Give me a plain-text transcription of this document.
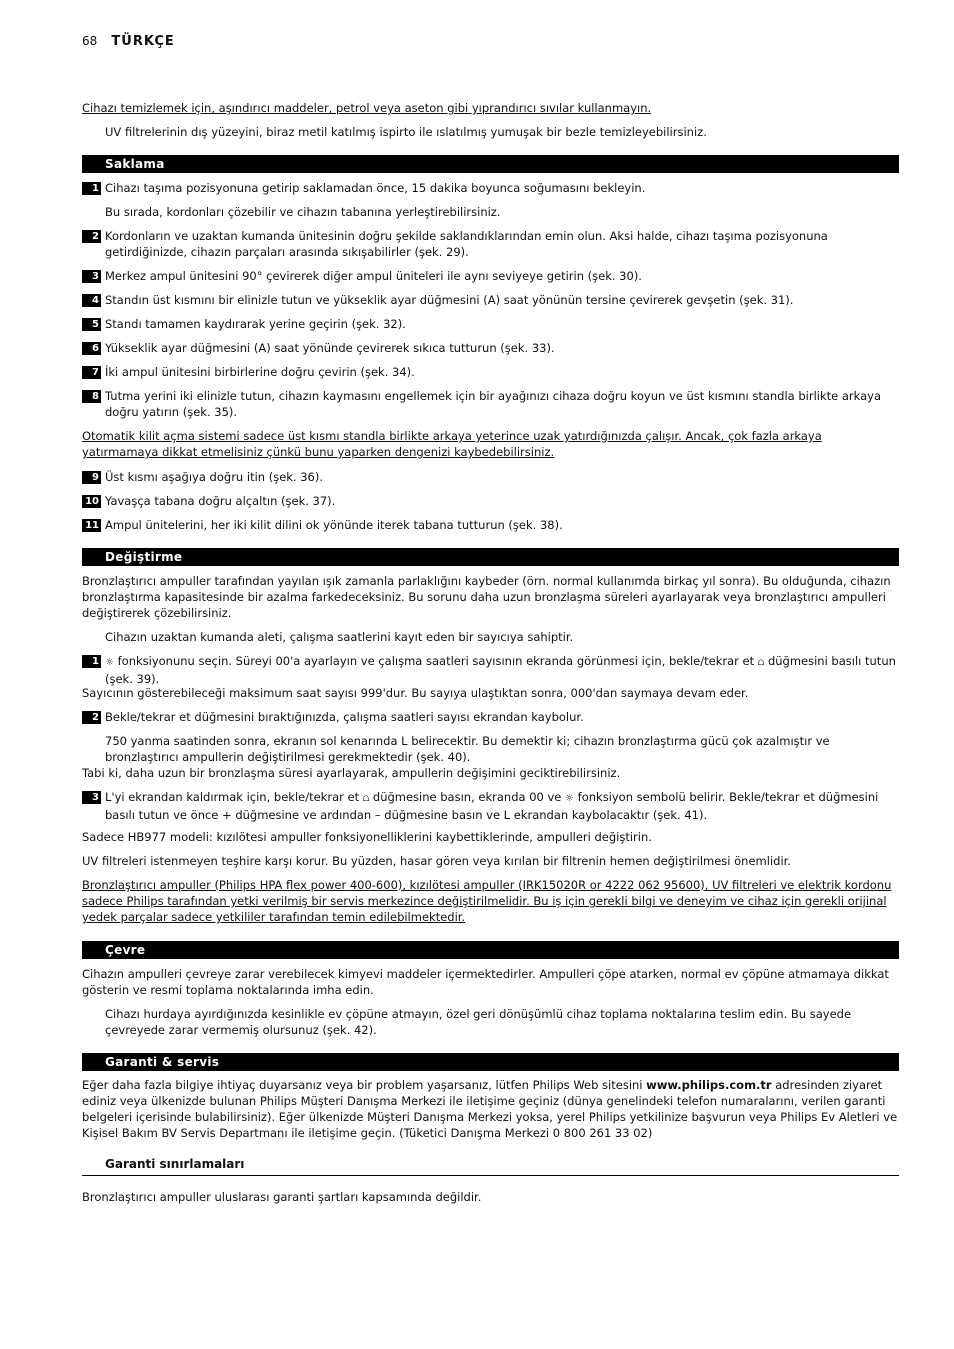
68 TÜRKÇE
Cihazı temizlemek için, aşındırıcı maddeler, petrol veya aseton gibi yıprandırıcı sıvılar kullanmayın.
UV filtrelerinin dış yüzeyini, biraz metil katılmış ispirto ile ıslatılmış yumuşak bir bezle temizleyebilirsiniz.
Saklama
1 Cihazı taşıma pozisyonuna getirip saklamadan önce, 15 dakika boyunca soğumasını bekleyin.
Bu sırada, kordonları çözebilir ve cihazın tabanına yerleştirebilirsiniz.
2 Kordonların ve uzaktan kumanda ünitesinin doğru şekilde saklandıklarından emin olun. Aksi halde, cihazı taşıma pozisyonuna getirdiğinizde, cihazın parçaları arasında sıkışabilirler (şek. 29).
3 Merkez ampul ünitesini 90° çevirerek diğer ampul üniteleri ile aynı seviyeye getirin (şek. 30).
4 Standın üst kısmını bir elinizle tutun ve yükseklik ayar düğmesini (A) saat yönünün tersine çevirerek gevşetin (şek. 31).
5 Standı tamamen kaydırarak yerine geçirin (şek. 32).
6 Yükseklik ayar düğmesini (A) saat yönünde çevirerek sıkıca tutturun (şek. 33).
7 İki ampul ünitesini birbirlerine doğru çevirin (şek. 34).
8 Tutma yerini iki elinizle tutun, cihazın kaymasını engellemek için bir ayağınızı cihaza doğru koyun ve üst kısmını standla birlikte arkaya doğru yatırın (şek. 35).
Otomatik kilit açma sistemi sadece üst kısmı standla birlikte arkaya yeterince uzak yatırdığınızda çalışır. Ancak, çok fazla arkaya yatırmamaya dikkat etmelisiniz çünkü bunu yaparken dengenizi kaybedebilirsiniz.
9 Üst kısmı aşağıya doğru itin (şek. 36).
10 Yavaşça tabana doğru alçaltın (şek. 37).
11 Ampul ünitelerini, her iki kilit dilini ok yönünde iterek tabana tutturun (şek. 38).
Değiştirme
Bronzlaştırıcı ampuller tarafından yayılan ışık zamanla parlaklığını kaybeder (örn. normal kullanımda birkaç yıl sonra). Bu olduğunda, cihazın bronzlaştırma kapasitesinde bir azalma farkedeceksiniz. Bu sorunu daha uzun bronzlaşma süreleri ayarlayarak veya bronzlaştırıcı ampulleri değiştirerek çözebilirsiniz.
Cihazın uzaktan kumanda aleti, çalışma saatlerini kayıt eden bir sayıcıya sahiptir.
1 ☼ fonksiyonunu seçin. Süreyi 00'a ayarlayın ve çalışma saatleri sayısının ekranda görünmesi için, bekle/tekrar et ⩍ düğmesini basılı tutun (şek. 39).
Sayıcının gösterebileceği maksimum saat sayısı 999'dur. Bu sayıya ulaştıktan sonra, 000'dan saymaya devam eder.
2 Bekle/tekrar et düğmesini bıraktığınızda, çalışma saatleri sayısı ekrandan kaybolur.
750 yanma saatinden sonra, ekranın sol kenarında L belirecektir. Bu demektir ki; cihazın bronzlaştırma gücü çok azalmıştır ve bronzlaştırıcı ampullerin değiştirilmesi gerekmektedir (şek. 40).
Tabi ki, daha uzun bir bronzlaşma süresi ayarlayarak, ampullerin değişimini geciktirebilirsiniz.
3 L'yi ekrandan kaldırmak için, bekle/tekrar et ⩍ düğmesine basın, ekranda 00 ve ☼ fonksiyon sembolü belirir. Bekle/tekrar et düğmesini basılı tutun ve önce + düğmesine ve ardından – düğmesine basın ve L ekrandan kaybolacaktır (şek. 41).
Sadece HB977 modeli: kızılötesi ampuller fonksiyonelliklerini kaybettiklerinde, ampulleri değiştirin.
UV filtreleri istenmeyen teşhire karşı korur. Bu yüzden, hasar gören veya kırılan bir filtrenin hemen değiştirilmesi önemlidir.
Bronzlaştırıcı ampuller (Philips HPA flex power 400-600), kızılötesi ampuller (IRK15020R or 4222 062 95600), UV filtreleri ve elektrik kordonu sadece Philips tarafından yetki verilmiş bir servis merkezince değiştirilmelidir. Bu iş için gerekli bilgi ve deneyim ve cihaz için gerekli orijinal yedek parçalar sadece yetkililer tarafından temin edilebilmektedir.
Çevre
Cihazın ampulleri çevreye zarar verebilecek kimyevi maddeler içermektedirler. Ampulleri çöpe atarken, normal ev çöpüne atmamaya dikkat gösterin ve resmi toplama noktalarında imha edin.
Cihazı hurdaya ayırdığınızda kesinlikle ev çöpüne atmayın, özel geri dönüşümlü cihaz toplama noktalarına teslim edin. Bu sayede çevreyede zarar vermemiş olursunuz (şek. 42).
Garanti & servis
Eğer daha fazla bilgiye ihtiyaç duyarsanız veya bir problem yaşarsanız, lütfen Philips Web sitesini www.philips.com.tr adresinden ziyaret ediniz veya ülkenizde bulunan Philips Müşteri Danışma Merkezi ile iletişime geçiniz (dünya genelindeki telefon numaralarını, verilen garanti belgeleri içerisinde bulabilirsiniz). Eğer ülkenizde Müşteri Danışma Merkezi yoksa, yerel Philips yetkilinize başvurun veya Philips Ev Aletleri ve Kişisel Bakım BV Servis Departmanı ile iletişime geçin. (Tüketici Danışma Merkezi 0 800 261 33 02)
Garanti sınırlamaları
Bronzlaştırıcı ampuller uluslarası garanti şartları kapsamında değildir.
